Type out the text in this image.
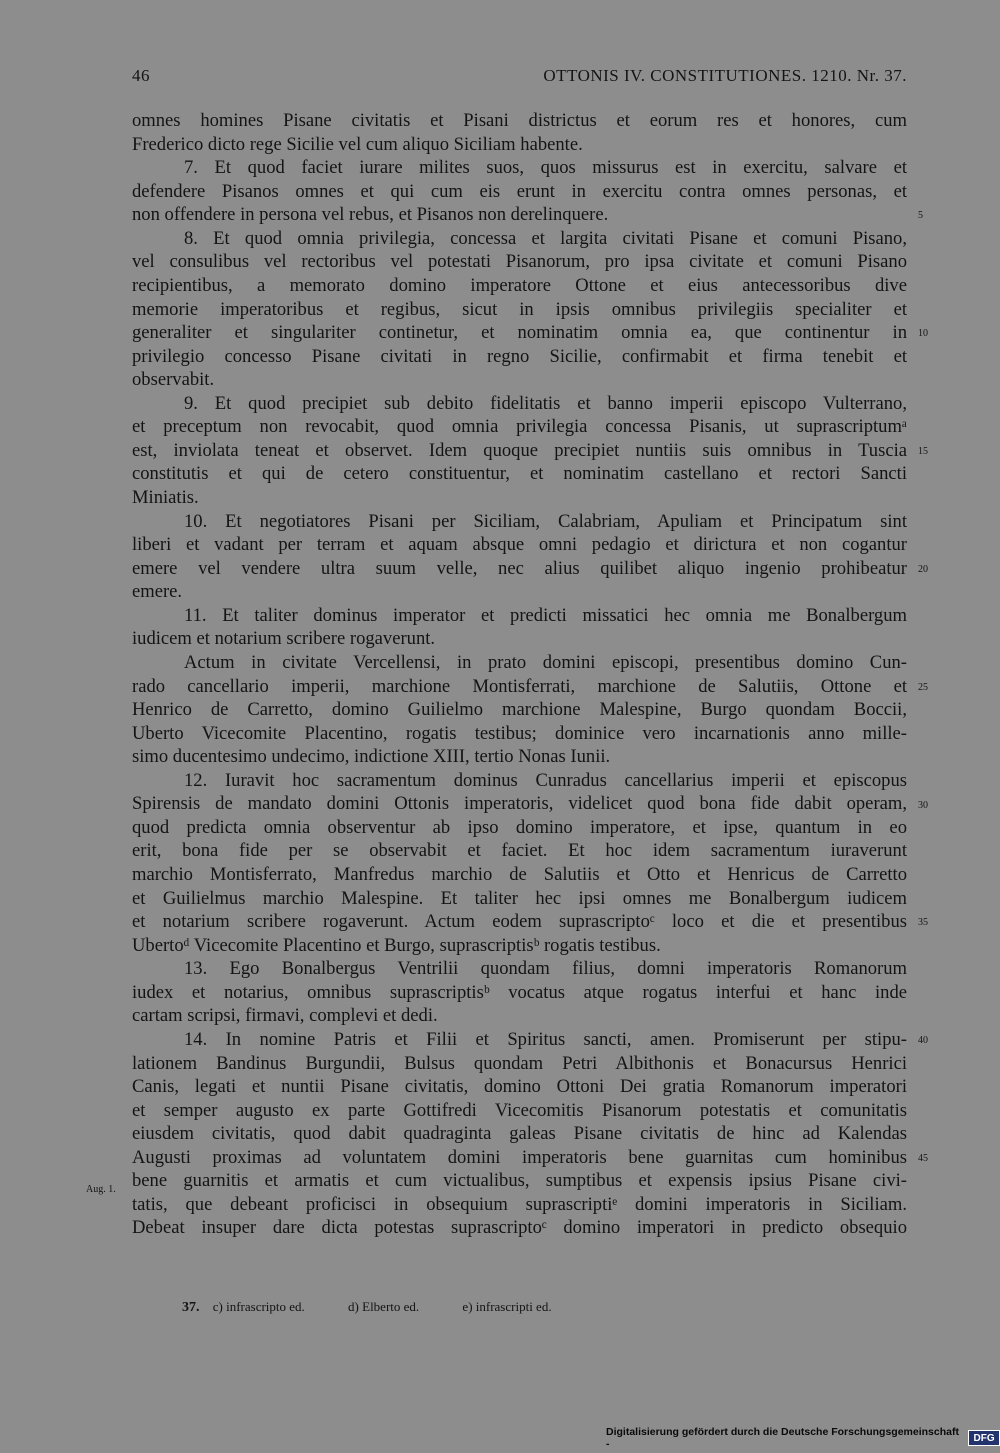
46	OTTONIS IV. CONSTITUTIONES. 1210. Nr. 37.
omnes homines Pisane civitatis et Pisani districtus et eorum res et honores, cum
Frederico dicto rege Sicilie vel cum aliquo Siciliam habente.
7. Et quod faciet iurare milites suos, quos missurus est in exercitu, salvare et
defendere Pisanos omnes et qui cum eis erunt in exercitu contra omnes personas, et
non offendere in persona vel rebus, et Pisanos non derelinquere.
8. Et quod omnia privilegia, concessa et largita civitati Pisane et comuni Pisano,
vel consulibus vel rectoribus vel potestati Pisanorum, pro ipsa civitate et comuni Pisano
recipientibus, a memorato domino imperatore Ottone et eius antecessoribus dive
memorie imperatoribus et regibus, sicut in ipsis omnibus privilegiis specialiter et
generaliter et singulariter continetur, et nominatim omnia ea, que continentur in
privilegio concesso Pisane civitati in regno Sicilie, confirmabit et firma tenebit et
observabit.
9. Et quod precipiet sub debito fidelitatis et banno imperii episcopo Vulterrano,
et preceptum non revocabit, quod omnia privilegia concessa Pisanis, ut suprascriptumᵃ
est, inviolata teneat et observet. Idem quoque precipiet nuntiis suis omnibus in Tuscia
constitutis et qui de cetero constituentur, et nominatim castellano et rectori Sancti
Miniatis.
10. Et negotiatores Pisani per Siciliam, Calabriam, Apuliam et Principatum sint
liberi et vadant per terram et aquam absque omni pedagio et dirictura et non cogantur
emere vel vendere ultra suum velle, nec alius quilibet aliquo ingenio prohibeatur
emere.
11. Et taliter dominus imperator et predicti missatici hec omnia me Bonalbergum
iudicem et notarium scribere rogaverunt.
Actum in civitate Vercellensi, in prato domini episcopi, presentibus domino Cun-
rado cancellario imperii, marchione Montisferrati, marchione de Salutiis, Ottone et
Henrico de Carretto, domino Guilielmo marchione Malespine, Burgo quondam Boccii,
Uberto Vicecomite Placentino, rogatis testibus; dominice vero incarnationis anno mille-
simo ducentesimo undecimo, indictione XIII, tertio Nonas Iunii.
12. Iuravit hoc sacramentum dominus Cunradus cancellarius imperii et episcopus
Spirensis de mandato domini Ottonis imperatoris, videlicet quod bona fide dabit operam,
quod predicta omnia observentur ab ipso domino imperatore, et ipse, quantum in eo
erit, bona fide per se observabit et faciet. Et hoc idem sacramentum iuraverunt
marchio Montisferrato, Manfredus marchio de Salutiis et Otto et Henricus de Carretto
et Guilielmus marchio Malespine. Et taliter hec ipsi omnes me Bonalbergum iudicem
et notarium scribere rogaverunt. Actum eodem suprascriptoᶜ loco et die et presentibus
Ubertoᵈ Vicecomite Placentino et Burgo, suprascriptisᵇ rogatis testibus.
13. Ego Bonalbergus Ventrilii quondam filius, domni imperatoris Romanorum
iudex et notarius, omnibus suprascriptisᵇ vocatus atque rogatus interfui et hanc inde
cartam scripsi, firmavi, complevi et dedi.
14. In nomine Patris et Filii et Spiritus sancti, amen. Promiserunt per stipu-
lationem Bandinus Burgundii, Bulsus quondam Petri Albithonis et Bonacursus Henrici
Canis, legati et nuntii Pisane civitatis, domino Ottoni Dei gratia Romanorum imperatori
et semper augusto ex parte Gottifredi Vicecomitis Pisanorum potestatis et comunitatis
eiusdem civitatis, quod dabit quadraginta galeas Pisane civitatis de hinc ad Kalendas
Augusti proximas ad voluntatem domini imperatoris bene guarnitas cum hominibus
bene guarnitis et armatis et cum victualibus, sumptibus et expensis ipsius Pisane civi-
tatis, que debeant proficisci in obsequium suprascriptiᵉ domini imperatoris in Siciliam.
Debeat insuper dare dicta potestas suprascriptoᶜ domino imperatori in predicto obsequio
Aug. 1.
5
10
15
20
25
30
35
40
45
37. c) infrascripto ed.	d) Elberto ed.	e) infrascripti ed.
Digitalisierung gefördert durch die Deutsche Forschungsgemeinschaft -	DFG
